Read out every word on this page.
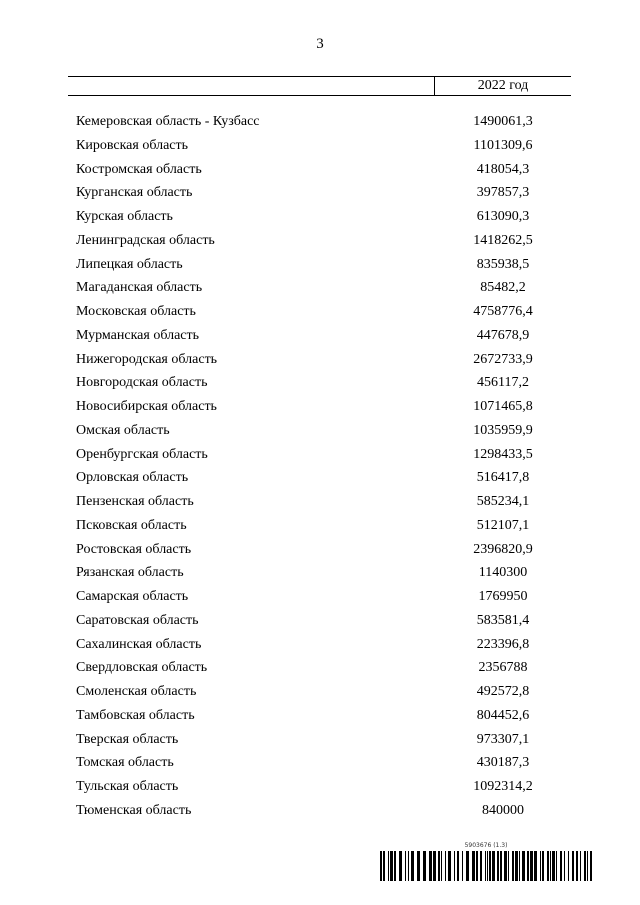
3
2022 год
Кемеровская область - Кузбасс	1490061,3
Кировская область	1101309,6
Костромская область	418054,3
Курганская область	397857,3
Курская область	613090,3
Ленинградская область	1418262,5
Липецкая область	835938,5
Магаданская область	85482,2
Московская область	4758776,4
Мурманская область	447678,9
Нижегородская область	2672733,9
Новгородская область	456117,2
Новосибирская область	1071465,8
Омская область	1035959,9
Оренбургская область	1298433,5
Орловская область	516417,8
Пензенская область	585234,1
Псковская область	512107,1
Ростовская область	2396820,9
Рязанская область	1140300
Самарская область	1769950
Саратовская область	583581,4
Сахалинская область	223396,8
Свердловская область	2356788
Смоленская область	492572,8
Тамбовская область	804452,6
Тверская область	973307,1
Томская область	430187,3
Тульская область	1092314,2
Тюменская область	840000
5903676 (1.3)
